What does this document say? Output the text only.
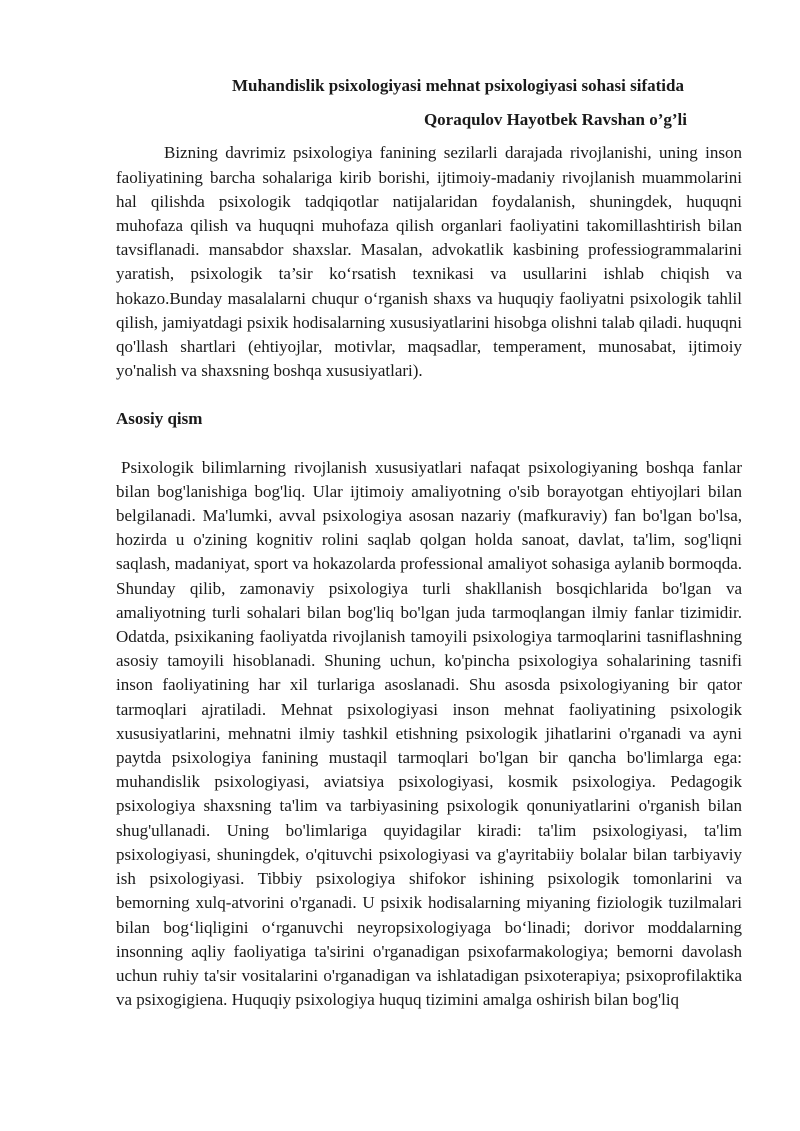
Muhandislik psixologiyasi mehnat psixologiyasi sohasi sifatida
Qoraqulov Hayotbek Ravshan o’g’li

Bizning davrimiz psixologiya fanining sezilarli darajada rivojlanishi, uning inson faoliyatining barcha sohalariga kirib borishi, ijtimoiy-madaniy rivojlanish muammolarini hal qilishda psixologik tadqiqotlar natijalaridan foydalanish, shuningdek, huquqni muhofaza qilish va huquqni muhofaza qilish organlari faoliyatini takomillashtirish bilan tavsiflanadi. mansabdor shaxslar. Masalan, advokatlik kasbining professiogrammalarini yaratish, psixologik ta’sir ko‘rsatish texnikasi va usullarini ishlab chiqish va hokazo.Bunday masalalarni chuqur o‘rganish shaxs va huquqiy faoliyatni psixologik tahlil qilish, jamiyatdagi psixik hodisalarning xususiyatlarini hisobga olishni talab qiladi. huquqni qo'llash shartlari (ehtiyojlar, motivlar, maqsadlar, temperament, munosabat, ijtimoiy yo'nalish va shaxsning boshqa xususiyatlari).

Asosiy qism

Psixologik bilimlarning rivojlanish xususiyatlari nafaqat psixologiyaning boshqa fanlar bilan bog'lanishiga bog'liq. Ular ijtimoiy amaliyotning o'sib borayotgan ehtiyojlari bilan belgilanadi. Ma'lumki, avval psixologiya asosan nazariy (mafkuraviy) fan bo'lgan bo'lsa, hozirda u o'zining kognitiv rolini saqlab qolgan holda sanoat, davlat, ta'lim, sog'liqni saqlash, madaniyat, sport va hokazolarda professional amaliyot sohasiga aylanib bormoqda. Shunday qilib, zamonaviy psixologiya turli shakllanish bosqichlarida bo'lgan va amaliyotning turli sohalari bilan bog'liq bo'lgan juda tarmoqlangan ilmiy fanlar tizimidir. Odatda, psixikaning faoliyatda rivojlanish tamoyili psixologiya tarmoqlarini tasniflashning asosiy tamoyili hisoblanadi. Shuning uchun, ko'pincha psixologiya sohalarining tasnifi inson faoliyatining har xil turlariga asoslanadi. Shu asosda psixologiyaning bir qator tarmoqlari ajratiladi. Mehnat psixologiyasi inson mehnat faoliyatining psixologik xususiyatlarini, mehnatni ilmiy tashkil etishning psixologik jihatlarini o'rganadi va ayni paytda psixologiya fanining mustaqil tarmoqlari bo'lgan bir qancha bo'limlarga ega: muhandislik psixologiyasi, aviatsiya psixologiyasi, kosmik psixologiya. Pedagogik psixologiya shaxsning ta'lim va tarbiyasining psixologik qonuniyatlarini o'rganish bilan shug'ullanadi. Uning bo'limlariga quyidagilar kiradi: ta'lim psixologiyasi, ta'lim psixologiyasi, shuningdek, o'qituvchi psixologiyasi va g'ayritabiiy bolalar bilan tarbiyaviy ish psixologiyasi. Tibbiy psixologiya shifokor ishining psixologik tomonlarini va bemorning xulq-atvorini o'rganadi. U psixik hodisalarning miyaning fiziologik tuzilmalari bilan bog‘liqligini o‘rganuvchi neyropsixologiyaga bo‘linadi; dorivor moddalarning insonning aqliy faoliyatiga ta'sirini o'rganadigan psixofarmakologiya; bemorni davolash uchun ruhiy ta'sir vositalarini o'rganadigan va ishlatadigan psixoterapiya; psixoprofilaktika va psixogigiena. Huquqiy psixologiya huquq tizimini amalga oshirish bilan bog'liq
